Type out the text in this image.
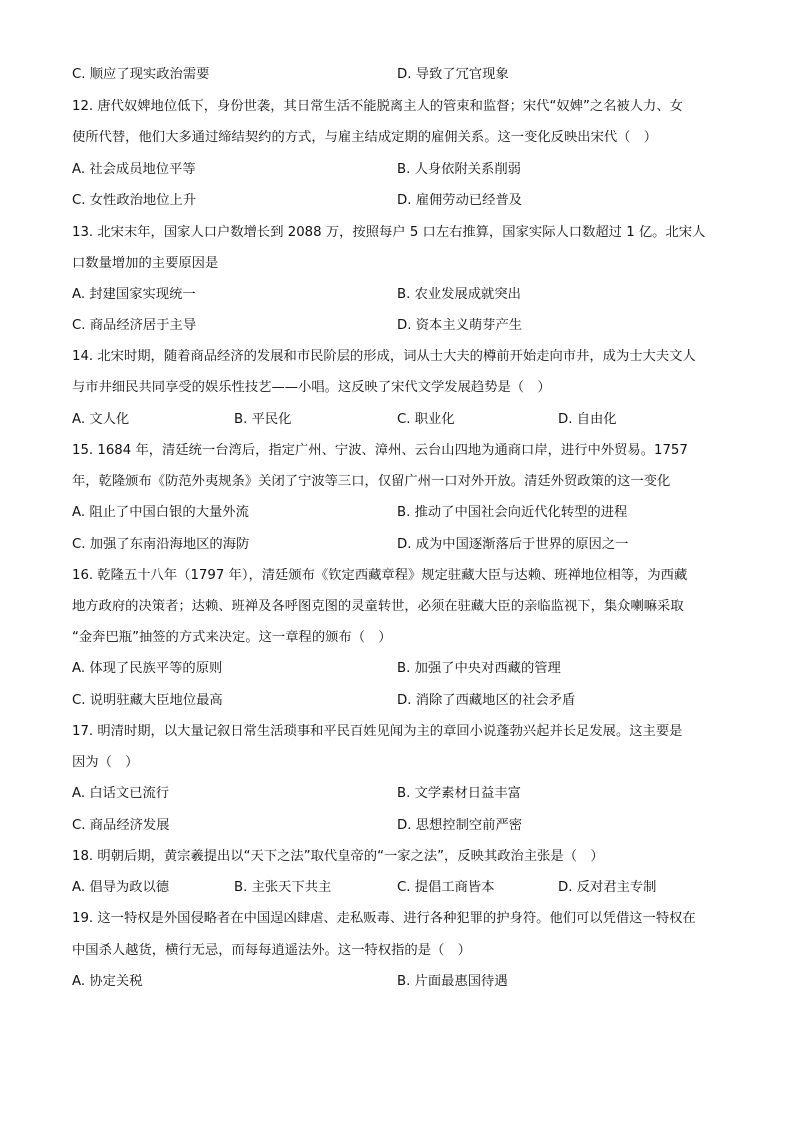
C. 顺应了现实政治需要	D. 导致了冗官现象
12. 唐代奴婢地位低下，身份世袭，其日常生活不能脱离主人的管束和监督；宋代“奴婢”之名被人力、女
使所代替，他们大多通过缔结契约的方式，与雇主结成定期的雇佣关系。这一变化反映出宋代（　）
A. 社会成员地位平等	B. 人身依附关系削弱
C. 女性政治地位上升	D. 雇佣劳动已经普及
13. 北宋末年，国家人口户数增长到 2088 万，按照每户 5 口左右推算，国家实际人口数超过 1 亿。北宋人
口数量增加的主要原因是
A. 封建国家实现统一	B. 农业发展成就突出
C. 商品经济居于主导	D. 资本主义萌芽产生
14. 北宋时期，随着商品经济的发展和市民阶层的形成，词从士大夫的樽前开始走向市井，成为士大夫文人
与市井细民共同享受的娱乐性技艺——小唱。这反映了宋代文学发展趋势是（　）
A. 文人化	B. 平民化	C. 职业化	D. 自由化
15. 1684 年，清廷统一台湾后，指定广州、宁波、漳州、云台山四地为通商口岸，进行中外贸易。1757
年，乾隆颁布《防范外夷规条》关闭了宁波等三口，仅留广州一口对外开放。清廷外贸政策的这一变化
A. 阻止了中国白银的大量外流	B. 推动了中国社会向近代化转型的进程
C. 加强了东南沿海地区的海防	D. 成为中国逐渐落后于世界的原因之一
16. 乾隆五十八年（1797 年），清廷颁布《钦定西藏章程》规定驻藏大臣与达赖、班禅地位相等，为西藏
地方政府的决策者；达赖、班禅及各呼图克图的灵童转世，必须在驻藏大臣的亲临监视下，集众喇嘛采取
“金奔巴瓶”抽签的方式来决定。这一章程的颁布（　）
A. 体现了民族平等的原则	B. 加强了中央对西藏的管理
C. 说明驻藏大臣地位最高	D. 消除了西藏地区的社会矛盾
17. 明清时期，以大量记叙日常生活琐事和平民百姓见闻为主的章回小说蓬勃兴起并长足发展。这主要是
因为（　）
A. 白话文已流行	B. 文学素材日益丰富
C. 商品经济发展	D. 思想控制空前严密
18. 明朝后期，黄宗羲提出以“天下之法”取代皇帝的“一家之法”，反映其政治主张是（　）
A. 倡导为政以德	B. 主张天下共主	C. 提倡工商皆本	D. 反对君主专制
19. 这一特权是外国侵略者在中国逞凶肆虐、走私贩毒、进行各种犯罪的护身符。他们可以凭借这一特权在
中国杀人越货，横行无忌，而每每逍遥法外。这一特权指的是（　）
A. 协定关税	B. 片面最惠国待遇
